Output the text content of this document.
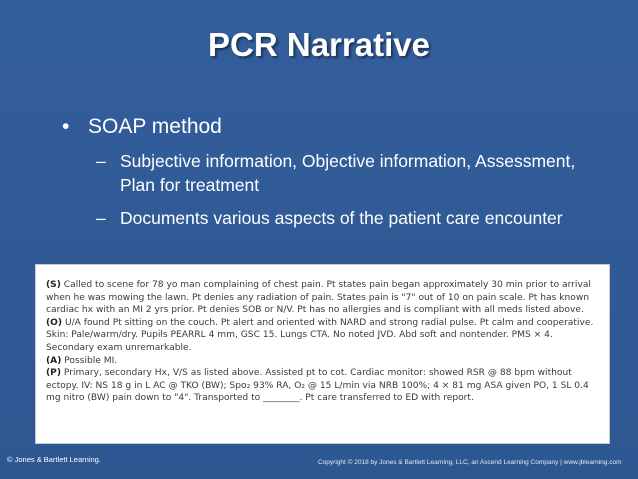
PCR Narrative
• SOAP method
– Subjective information, Objective information, Assessment, Plan for treatment
– Documents various aspects of the patient care encounter

(S) Called to scene for 78 yo man complaining of chest pain. Pt states pain began approximately 30 min prior to arrival when he was mowing the lawn. Pt denies any radiation of pain. States pain is "7" out of 10 on pain scale. Pt has known cardiac hx with an MI 2 yrs prior. Pt denies SOB or N/V. Pt has no allergies and is compliant with all meds listed above.

(O) U/A found Pt sitting on the couch. Pt alert and oriented with NARD and strong radial pulse. Pt calm and cooperative. Skin: Pale/warm/dry. Pupils PEARRL 4 mm, GSC 15. Lungs CTA. No noted JVD. Abd soft and nontender. PMS × 4. Secondary exam unremarkable.

(A) Possible MI.

(P) Primary, secondary Hx, V/S as listed above. Assisted pt to cot. Cardiac monitor: showed RSR @ 88 bpm without ectopy. IV: NS 18 g in L AC @ TKO (BW); Spo₂ 93% RA, O₂ @ 15 L/min via NRB 100%; 4 × 81 mg ASA given PO, 1 SL 0.4 mg nitro (BW) pain down to "4". Transported to ________. Pt care transferred to ED with report.

© Jones & Bartlett Learning.	Copyright © 2018 by Jones & Bartlett Learning, LLC, an Ascend Learning Company | www.jblearning.com
